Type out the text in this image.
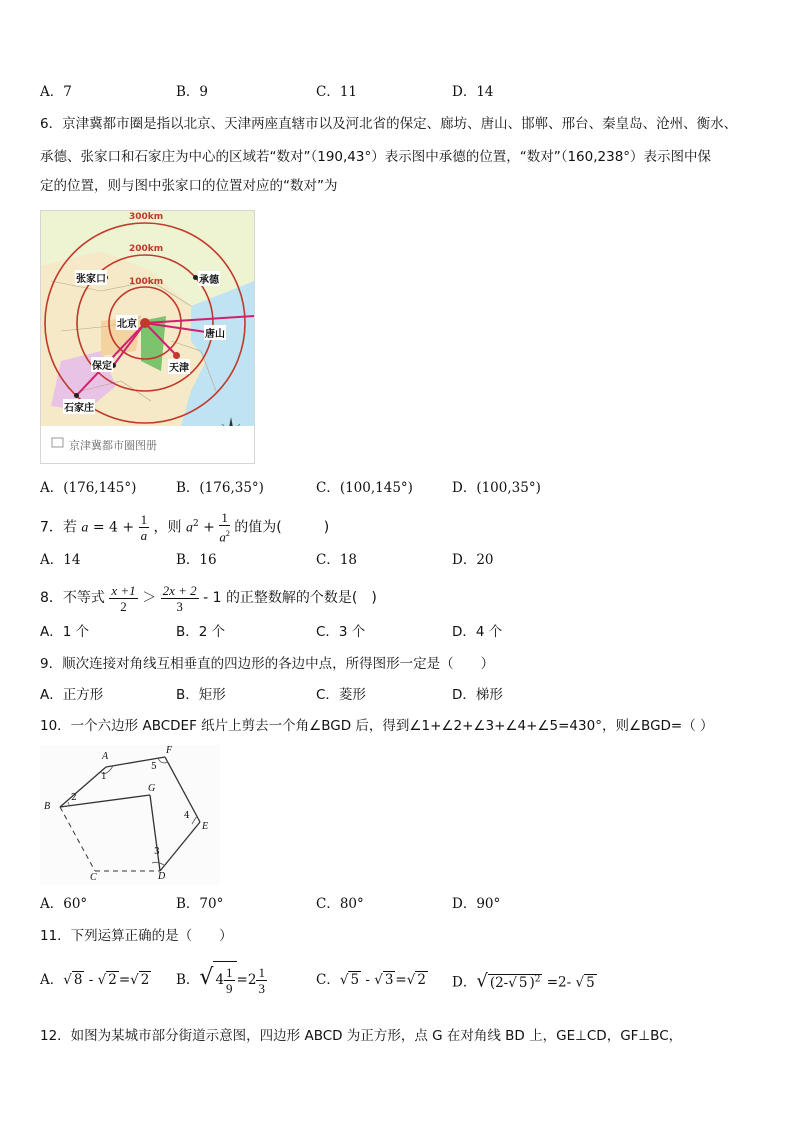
A．7	B．9	C．11	D．14
6．京津冀都市圈是指以北京、天津两座直辖市以及河北省的保定、廊坊、唐山、邯郸、邢台、秦皇岛、沧州、衡水、
承德、张家口和石家庄为中心的区域若“数对”（190,43°）表示图中承德的位置，“数对”（160,238°）表示图中保
定的位置，则与图中张家口的位置对应的“数对”为
300km
200km
100km
北京
天津
张家口	承德
唐山
保定
石家庄
京津冀都市圈图册
A．(176,145°)	B．(176,35°)	C．(100,145°)	D．(100,35°)
7．若 $a = 4 + \frac{1}{a}$ ，则 $a^2 + \frac{1}{a^2}$ 的值为(　　　)
A．14	B．16	C．18	D．20
8．不等式 $\frac{x +1}{2} > \frac{2x + 2}{3} - 1$ 的正整数解的个数是(　)
A．1 个	B．2 个	C．3 个	D．4 个
9．顺次连接对角线互相垂直的四边形的各边中点，所得图形一定是（　　）
A．正方形	B．矩形	C．菱形	D．梯形
10．一个六边形 ABCDEF 纸片上剪去一个角∠BGD 后，得到∠1+∠2+∠3+∠4+∠5=430°，则∠BGD=（ ）
A
B
C	D
E
F
G
1
2
3
4
5
A．60°	B．70°	C．80°	D．90°
11．下列运算正确的是（　　）
A．√ 8 - √ 2 =√ 2 B．√ $4 \frac{1}{9} =2 \frac{1}{3}$	C．√ 5 - √ 3 =√ 2 D．√ (2-√ 5 )$^2$ =2- √ 5
12．如图为某城市部分街道示意图，四边形 ABCD 为正方形，点 G 在对角线 BD 上，GE⊥CD，GF⊥BC，
